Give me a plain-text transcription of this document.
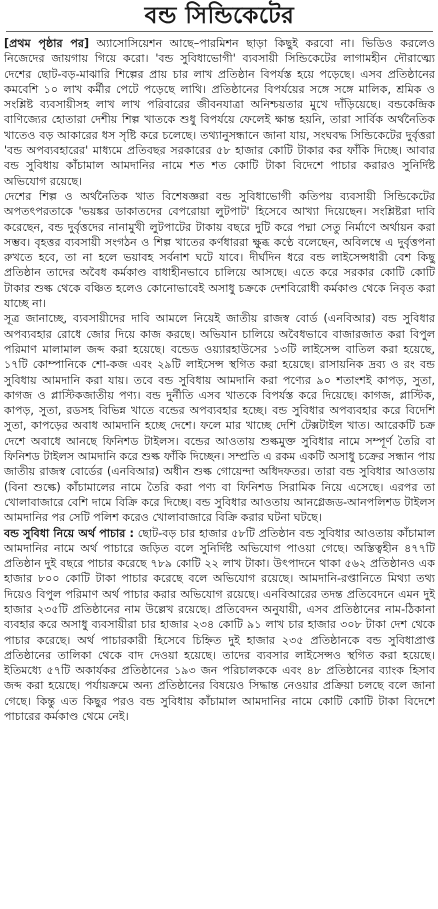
বন্ড সিন্ডিকেটের

[প্রথম পৃষ্ঠার পর] অ্যাসোসিয়েশন আছে–পারমিশন ছাড়া কিছুই করবো না। ভিডিও করলেও নিজেদের জায়গায় গিয়ে করো। 'বন্ড সুবিধাভোগী' ব্যবসায়ী সিন্ডিকেটের লাগামহীন দৌরাত্ম্যে দেশের ছোট-বড়-মাঝারি শিল্পের প্রায় চার লাখ প্রতিষ্ঠান বিপর্যস্ত হয়ে পড়েছে। এসব প্রতিষ্ঠানের কমবেশি ১০ লাখ কর্মীর পেটে পড়েছে লাথি। প্রতিষ্ঠানের বিপর্যয়ের সঙ্গে সঙ্গে মালিক, শ্রমিক ও সংশ্লিষ্ট ব্যবসায়ীসহ লাখ লাখ পরিবারের জীবনযাত্রা অনিশ্চয়তার মুখে দাঁড়িয়েছে। বন্ডকেন্দ্রিক বাণিজ্যের হোতারা দেশীয় শিল্প খাতকে শুধু বিপর্যয়ে ফেলেই ক্ষান্ত হয়নি, তারা সার্বিক অর্থনৈতিক খাতেও বড় আকারের ধস সৃষ্টি করে চলেছে। তথ্যানুসন্ধানে জানা যায়, সংঘবদ্ধ সিন্ডিকেটের দুর্বৃত্তরা 'বন্ড অপব্যবহারের' মাধ্যমে প্রতিবছর সরকারের ৫৮ হাজার কোটি টাকার কর ফাঁকি দিচ্ছে। আবার বন্ড সুবিধায় কাঁচামাল আমদানির নামে শত শত কোটি টাকা বিদেশে পাচার করারও সুনির্দিষ্ট অভিযোগ রয়েছে।

দেশের শিল্প ও অর্থনৈতিক খাত বিশেষজ্ঞরা বন্ড সুবিধাভোগী কতিপয় ব্যবসায়ী সিন্ডিকেটের অপতৎপরতাকে 'ভয়ঙ্কর ডাকাতদের বেপরোয়া লুটপাট' হিসেবে আখ্যা দিয়েছেন। সংশ্লিষ্টরা দাবি করেছেন, বন্ড দুর্বৃত্তদের নানামুখী লুটপাটের টাকায় বছরে দুটি করে পদ্মা সেতু নির্মাণে অর্থায়ন করা সম্ভব। বৃহত্তর ব্যবসায়ী সংগঠন ও শিল্প খাতের কর্ণধাররা ক্ষুব্ধ কণ্ঠে বলেছেন, অবিলম্বে এ দুর্বৃত্তপনা রুখতে হবে, তা না হলে ভয়াবহ সর্বনাশ ঘটে যাবে। দীর্ঘদিন ধরে বন্ড লাইসেন্সধারী বেশ কিছু প্রতিষ্ঠান তাদের অবৈধ কর্মকাণ্ড বাধাহীনভাবে চালিয়ে আসছে। এতে করে সরকার কোটি কোটি টাকার শুল্ক থেকে বঞ্চিত হলেও কোনোভাবেই অসাধু চক্রকে দেশবিরোধী কর্মকাণ্ড থেকে নিবৃত করা যাচ্ছে না।

সূত্র জানাচ্ছে, ব্যবসায়ীদের দাবি আমলে নিয়েই জাতীয় রাজস্ব বোর্ড (এনবিআর) বন্ড সুবিধার অপব্যবহার রোধে জোর দিয়ে কাজ করছে। অভিযান চালিয়ে অবৈধভাবে বাজারজাত করা বিপুল পরিমাণ মালামাল জব্দ করা হয়েছে। বন্ডেড ওয়্যারহাউসের ১৩টি লাইসেন্স বাতিল করা হয়েছে, ১৭টি কোম্পানিকে শো-কজ এবং ২৯টি লাইসেন্স স্থগিত করা হয়েছে। রাসায়নিক দ্রব্য ও রং বন্ড সুবিধায় আমদানি করা যায়। তবে বন্ড সুবিধায় আমদানি করা পণ্যের ৯০ শতাংশই কাপড়, সুতা, কাগজ ও প্লাস্টিকজাতীয় পণ্য। বন্ড দুর্নীতি এসব খাতকে বিপর্যস্ত করে দিয়েছে। কাগজ, প্লাস্টিক, কাপড়, সুতা, রডসহ বিভিন্ন খাতে বন্ডের অপব্যবহার হচ্ছে। বন্ড সুবিধার অপব্যবহার করে বিদেশি সুতা, কাপড়ের অবাধ আমদানি হচ্ছে দেশে। ফলে মার খাচ্ছে দেশি টেক্সটাইল খাত। আরেকটি চক্র দেশে অবাধে আনছে ফিনিশড টাইলস। বন্ডের আওতায় শুল্কমুক্ত সুবিধার নামে সম্পূর্ণ তৈরি বা ফিনিশড টাইলস আমদানি করে শুল্ক ফাঁকি দিচ্ছেন। সম্প্রতি এ রকম একটি অসাধু চক্রের সন্ধান পায় জাতীয় রাজস্ব বোর্ডের (এনবিআর) অধীন শুল্ক গোয়েন্দা অধিদফতর। তারা বন্ড সুবিধার আওতায় (বিনা শুল্কে) কাঁচামালের নামে তৈরি করা পণ্য বা ফিনিশড সিরামিক নিয়ে এসেছে। এরপর তা খোলাবাজারে বেশি দামে বিক্রি করে দিচ্ছে। বন্ড সুবিধার আওতায় আনগ্লেজড-আনপলিশড টাইলস আমদানির পর সেটি পলিশ করেও খোলাবাজারে বিক্রি করার ঘটনা ঘটছে।

বন্ড সুবিধা নিয়ে অর্থ পাচার : ছোট-বড় চার হাজার ৫৮টি প্রতিষ্ঠান বন্ড সুবিধার আওতায় কাঁচামাল আমদানির নামে অর্থ পাচারে জড়িত বলে সুনির্দিষ্ট অভিযোগ পাওয়া গেছে। অস্তিত্বহীন ৪৭৭টি প্রতিষ্ঠান দুই বছরে পাচার করেছে ৭৮৯ কোটি ২২ লাখ টাকা। উৎপাদনে থাকা ৫৬২ প্রতিষ্ঠানও এক হাজার ৮০০ কোটি টাকা পাচার করেছে বলে অভিযোগ রয়েছে। আমদানি-রপ্তানিতে মিথ্যা তথ্য দিয়েও বিপুল পরিমাণ অর্থ পাচার করার অভিযোগ রয়েছে। এনবিআরের তদন্ত প্রতিবেদনে এমন দুই হাজার ২৩৫টি প্রতিষ্ঠানের নাম উল্লেখ রয়েছে। প্রতিবেদন অনুযায়ী, এসব প্রতিষ্ঠানের নাম-ঠিকানা ব্যবহার করে অসাধু ব্যবসায়ীরা চার হাজার ২৩৪ কোটি ৯১ লাখ চার হাজার ৩০৮ টাকা দেশ থেকে পাচার করেছে। অর্থ পাচারকারী হিসেবে চিহ্নিত দুই হাজার ২৩৫ প্রতিষ্ঠানকে বন্ড সুবিধাপ্রাপ্ত প্রতিষ্ঠানের তালিকা থেকে বাদ দেওয়া হয়েছে। তাদের ব্যবসার লাইসেন্সও স্থগিত করা হয়েছে। ইতিমধ্যে ৫৭টি অকার্যকর প্রতিষ্ঠানের ১৯৩ জন পরিচালককে এবং ৪৮ প্রতিষ্ঠানের ব্যাংক হিসাব জব্দ করা হয়েছে। পর্যায়ক্রমে অন্য প্রতিষ্ঠানের বিষয়েও সিদ্ধান্ত নেওয়ার প্রক্রিয়া চলছে বলে জানা গেছে। কিন্তু এত কিছুর পরও বন্ড সুবিধায় কাঁচামাল আমদানির নামে কোটি কোটি টাকা বিদেশে পাচারের কর্মকাণ্ড থেমে নেই।
